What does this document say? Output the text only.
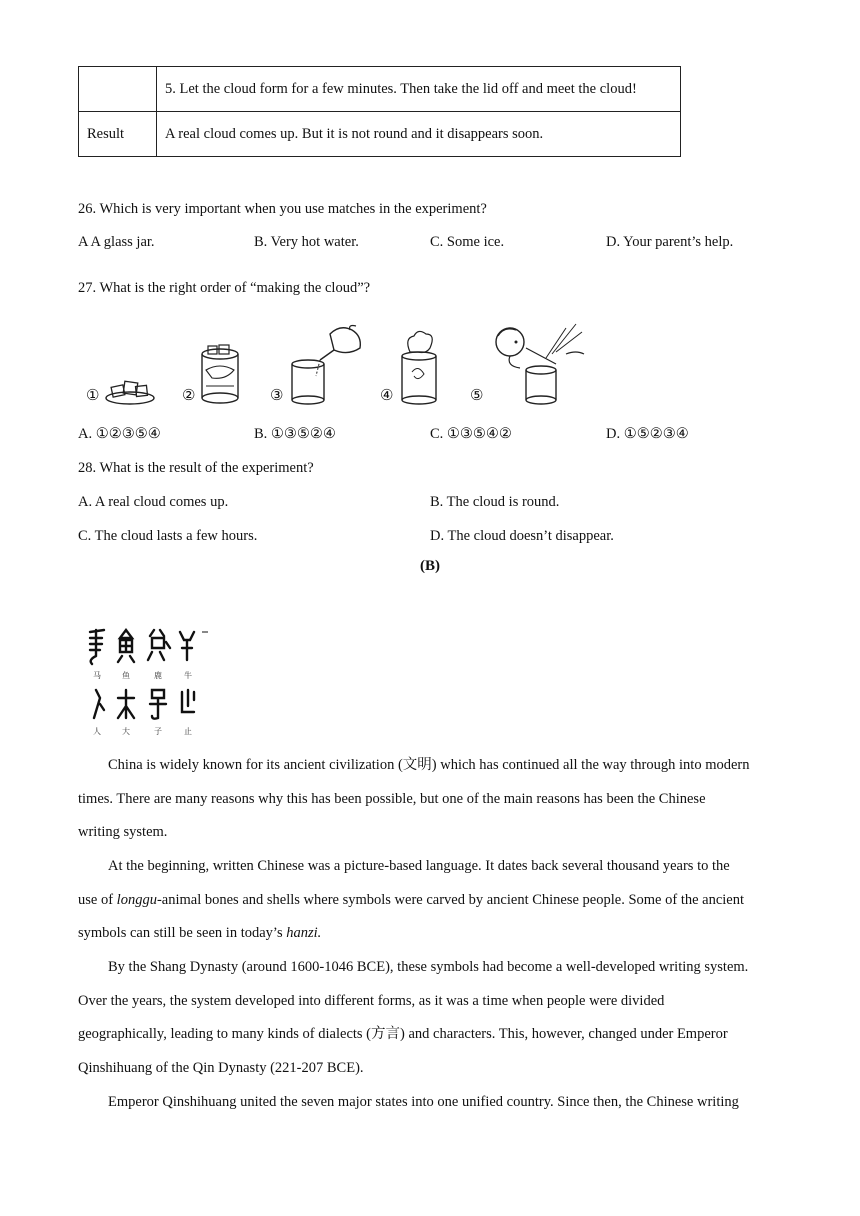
	5. Let the cloud form for a few minutes. Then take the lid off and meet the cloud!
Result	A real cloud comes up. But it is not round and it disappears soon.
26. Which is very important when you use matches in the experiment?
A A glass jar.	B. Very hot water.	C. Some ice.	D. Your parent’s help.
27. What is the right order of “making the cloud”?
①	②	③	④	⑤
A. ①②③⑤④	B. ①③⑤②④	C. ①③⑤④②	D. ①⑤②③④
28. What is the result of the experiment?
A. A real cloud comes up.	B. The cloud is round.
C. The cloud lasts a few hours.	D. The cloud doesn’t disappear.
(B)
马	鱼	鹿	牛
人	大	子	止
China is widely known for its ancient civilization (文明) which has continued all the way through into modern
times. There are many reasons why this has been possible, but one of the main reasons has been the Chinese
writing system.
At the beginning, written Chinese was a picture-based language. It dates back several thousand years to the
use of longgu-animal bones and shells where symbols were carved by ancient Chinese people. Some of the ancient
symbols can still be seen in today’s hanzi.
By the Shang Dynasty (around 1600-1046 BCE), these symbols had become a well-developed writing system.
Over the years, the system developed into different forms, as it was a time when people were divided
geographically, leading to many kinds of dialects (方言) and characters. This, however, changed under Emperor
Qinshihuang of the Qin Dynasty (221-207 BCE).
Emperor Qinshihuang united the seven major states into one unified country. Since then, the Chinese writing
